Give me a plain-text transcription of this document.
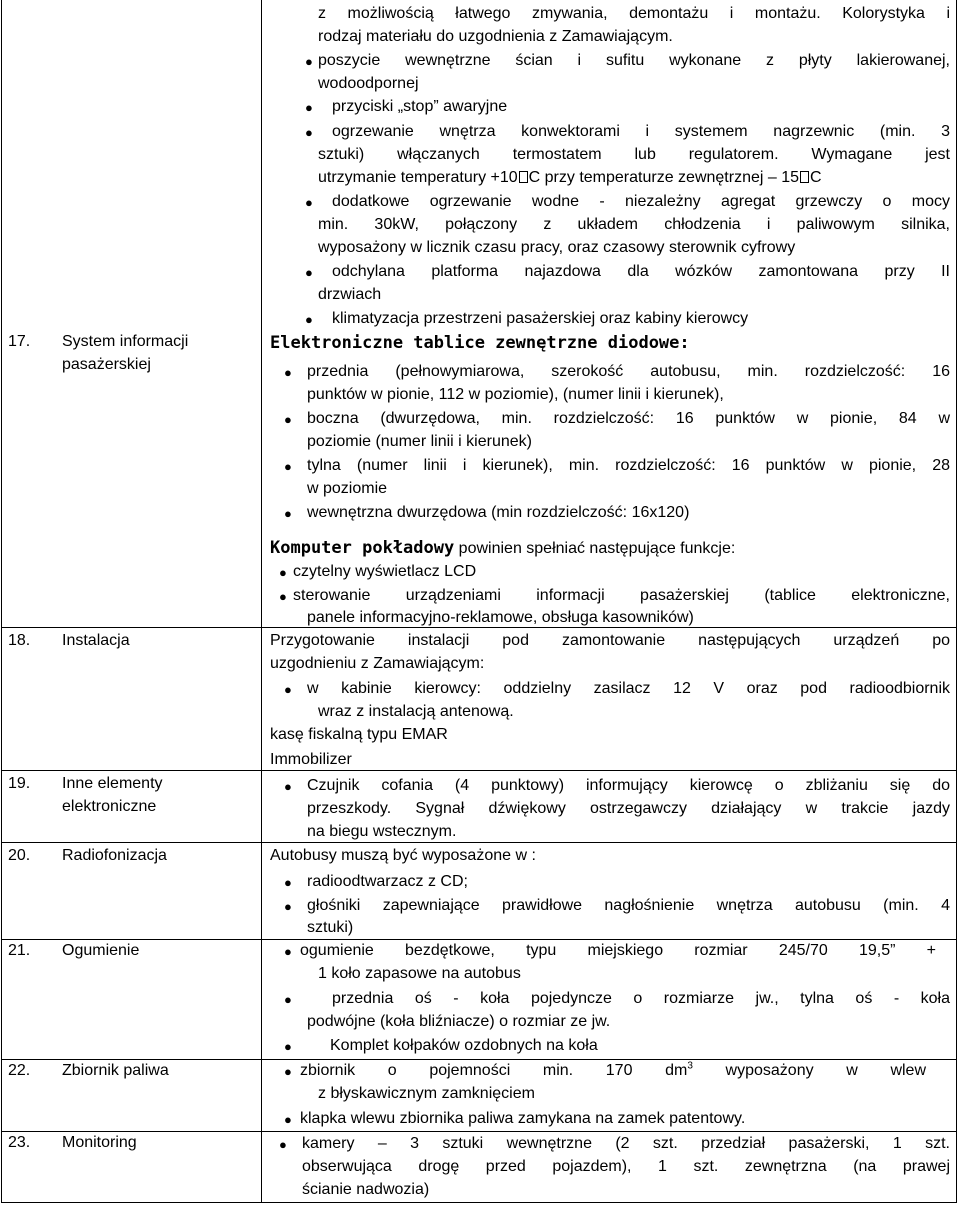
17. System informacji
pasażerskiej
18. Instalacja
19. Inne elementy
elektroniczne
20. Radiofonizacja
21. Ogumienie
22. Zbiornik paliwa
23. Monitoring
z możliwością łatwego zmywania, demontażu i montażu. Kolorystyka i
rodzaj materiału do uzgodnienia z Zamawiającym.
● poszycie wewnętrzne ścian i sufitu wykonane z płyty lakierowanej,
wodoodpornej
● przyciski „stop” awaryjne
● ogrzewanie wnętrza konwektorami i systemem nagrzewnic (min. 3
sztuki) włączanych termostatem lub regulatorem. Wymagane jest
utrzymanie temperatury +10 C przy temperaturze zewnętrznej – 15 C
● dodatkowe ogrzewanie wodne - niezależny agregat grzewczy o mocy
min. 30kW, połączony z układem chłodzenia i paliwowym silnika,
wyposażony w licznik czasu pracy, oraz czasowy sterownik cyfrowy
● odchylana platforma najazdowa dla wózków zamontowana przy II
drzwiach
● klimatyzacja przestrzeni pasażerskiej oraz kabiny kierowcy
Elektroniczne tablice zewnętrzne diodowe:
● przednia (pełnowymiarowa, szerokość autobusu, min. rozdzielczość: 16
punktów w pionie, 112 w poziomie), (numer linii i kierunek),
● boczna (dwurzędowa, min. rozdzielczość: 16 punktów w pionie, 84 w
poziomie (numer linii i kierunek)
● tylna (numer linii i kierunek), min. rozdzielczość: 16 punktów w pionie, 28
w poziomie
● wewnętrzna dwurzędowa (min rozdzielczość: 16x120)
Komputer pokładowy powinien spełniać następujące funkcje:
● czytelny wyświetlacz LCD
● sterowanie urządzeniami informacji pasażerskiej (tablice elektroniczne,
panele informacyjno-reklamowe, obsługa kasowników)
Przygotowanie instalacji pod zamontowanie następujących urządzeń po
uzgodnieniu z Zamawiającym:
● w kabinie kierowcy: oddzielny zasilacz 12 V oraz pod radioodbiornik
wraz z instalacją antenową.
kasę fiskalną typu EMAR
Immobilizer
● Czujnik cofania (4 punktowy) informujący kierowcę o zbliżaniu się do
przeszkody. Sygnał dźwiękowy ostrzegawczy działający w trakcie jazdy
na biegu wstecznym.
Autobusy muszą być wyposażone w :
● radioodtwarzacz z CD;
● głośniki zapewniające prawidłowe nagłośnienie wnętrza autobusu (min. 4
sztuki)
● ogumienie bezdętkowe, typu miejskiego rozmiar 245/70 19,5” +
1 koło zapasowe na autobus
●	przednia oś - koła pojedyncze o rozmiarze jw., tylna oś - koła
podwójne (koła bliźniacze) o rozmiar ze jw.
● Komplet kołpaków ozdobnych na koła
● zbiornik o pojemności min. 170 $dm^3$ wyposażony w wlew
z błyskawicznym zamknięciem
● klapka wlewu zbiornika paliwa zamykana na zamek patentowy.
● kamery – 3 sztuki wewnętrzne (2 szt. przedział pasażerski, 1 szt.
obserwująca drogę przed pojazdem), 1 szt. zewnętrzna (na prawej
ścianie nadwozia)
